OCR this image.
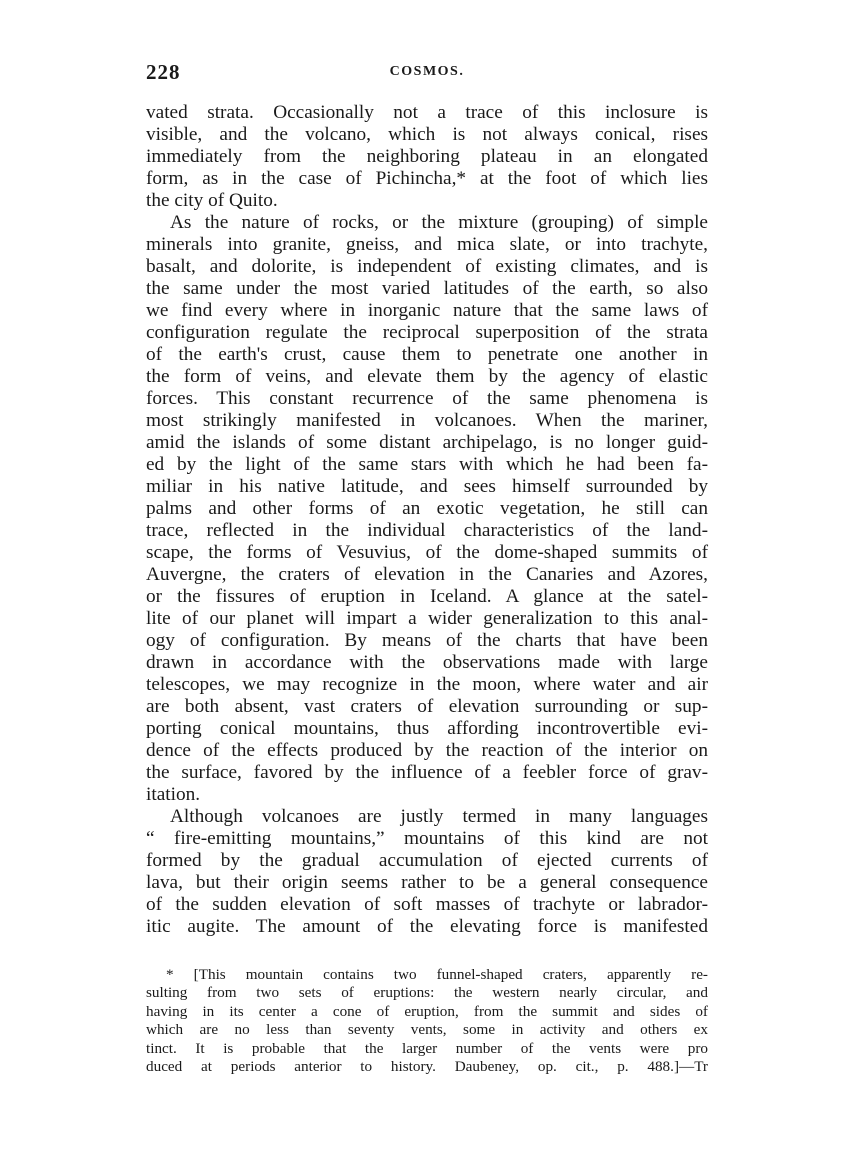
228	COSMOS.
vated strata. Occasionally not a trace of this inclosure is
visible, and the volcano, which is not always conical, rises
immediately from the neighboring plateau in an elongated
form, as in the case of Pichincha,* at the foot of which lies
the city of Quito.
As the nature of rocks, or the mixture (grouping) of simple
minerals into granite, gneiss, and mica slate, or into trachyte,
basalt, and dolorite, is independent of existing climates, and is
the same under the most varied latitudes of the earth, so also
we find every where in inorganic nature that the same laws of
configuration regulate the reciprocal superposition of the strata
of the earth's crust, cause them to penetrate one another in
the form of veins, and elevate them by the agency of elastic
forces. This constant recurrence of the same phenomena is
most strikingly manifested in volcanoes. When the mariner,
amid the islands of some distant archipelago, is no longer guid-
ed by the light of the same stars with which he had been fa-
miliar in his native latitude, and sees himself surrounded by
palms and other forms of an exotic vegetation, he still can
trace, reflected in the individual characteristics of the land-
scape, the forms of Vesuvius, of the dome-shaped summits of
Auvergne, the craters of elevation in the Canaries and Azores,
or the fissures of eruption in Iceland. A glance at the satel-
lite of our planet will impart a wider generalization to this anal-
ogy of configuration. By means of the charts that have been
drawn in accordance with the observations made with large
telescopes, we may recognize in the moon, where water and air
are both absent, vast craters of elevation surrounding or sup-
porting conical mountains, thus affording incontrovertible evi-
dence of the effects produced by the reaction of the interior on
the surface, favored by the influence of a feebler force of grav-
itation.
Although volcanoes are justly termed in many languages
“ fire-emitting mountains,” mountains of this kind are not
formed by the gradual accumulation of ejected currents of
lava, but their origin seems rather to be a general consequence
of the sudden elevation of soft masses of trachyte or labrador-
itic augite. The amount of the elevating force is manifested
* [This mountain contains two funnel-shaped craters, apparently re-
sulting from two sets of eruptions: the western nearly circular, and
having in its center a cone of eruption, from the summit and sides of
which are no less than seventy vents, some in activity and others ex
tinct. It is probable that the larger number of the vents were pro
duced at periods anterior to history. Daubeney, op. cit., p. 488.]—Tr
